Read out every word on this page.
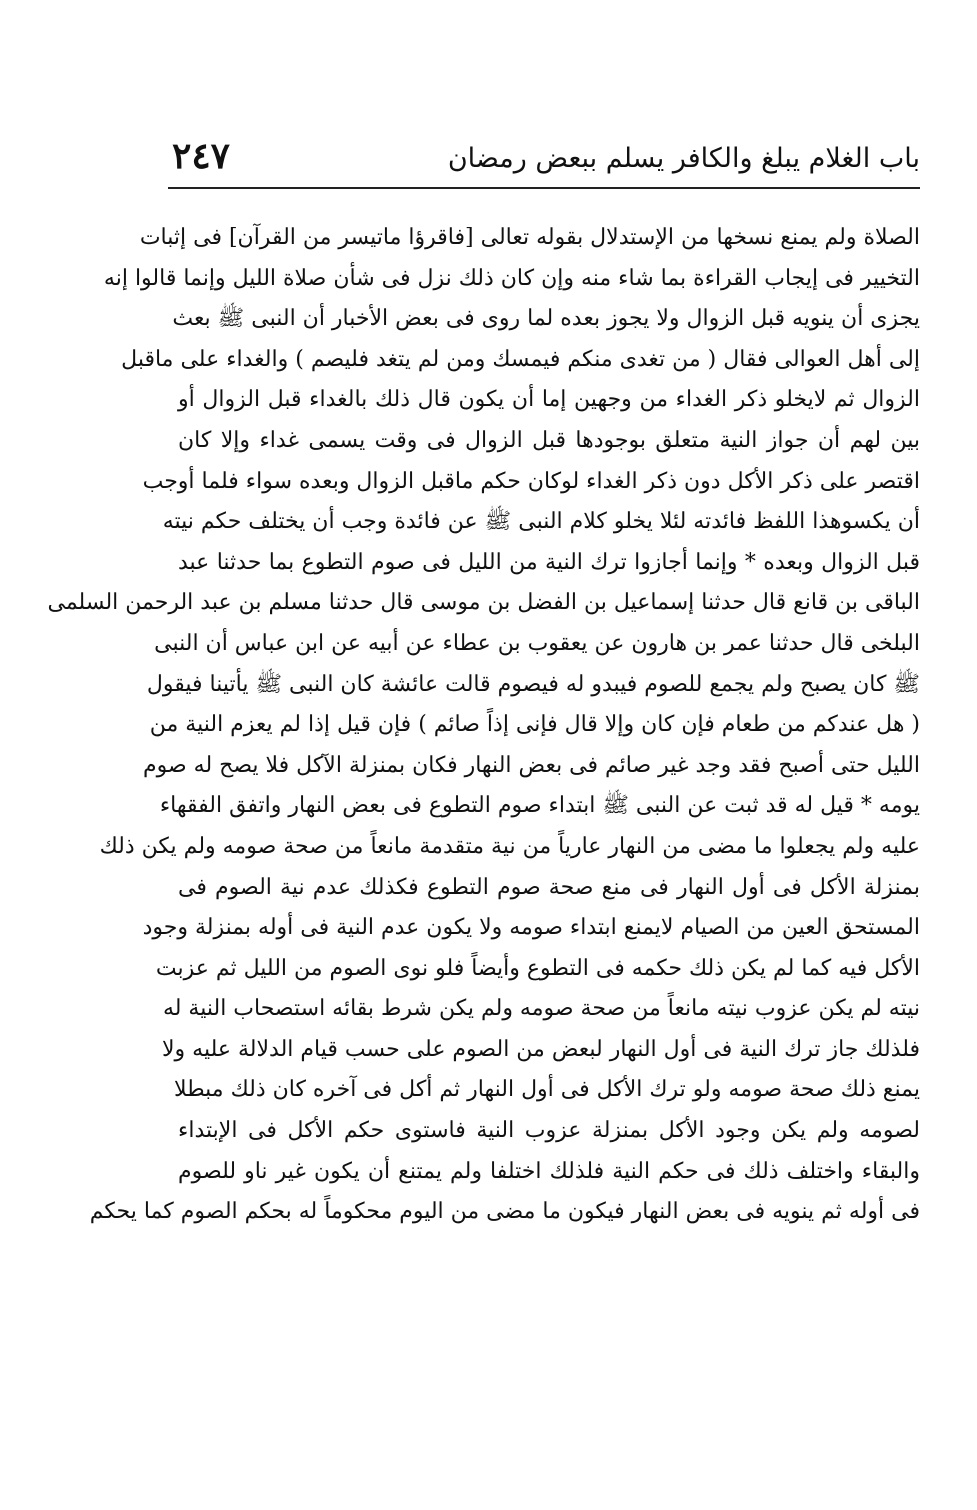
باب الغلام يبلغ والكافر يسلم ببعض رمضان
٢٤٧
الصلاة ولم يمنع نسخها من الإستدلال بقوله تعالى [فاقرؤا ماتيسر من القرآن] فى إثبات
التخيير فى إيجاب القراءة بما شاء منه وإن كان ذلك نزل فى شأن صلاة الليل وإنما قالوا إنه
يجزى أن ينويه قبل الزوال ولا يجوز بعده لما روى فى بعض الأخبار أن النبى ﷺ بعث
إلى أهل العوالى فقال ( من تغدى منكم فيمسك ومن لم يتغد فليصم ) والغداء على ماقبل
الزوال ثم لايخلو ذكر الغداء من وجهين إما أن يكون قال ذلك بالغداء قبل الزوال أو
بين لهم أن جواز النية متعلق بوجودها قبل الزوال فى وقت يسمى غداء وإلا كان
اقتصر على ذكر الأكل دون ذكر الغداء لوكان حكم ماقبل الزوال وبعده سواء فلما أوجب
أن يكسوهذا اللفظ فائدته لئلا يخلو كلام النبى ﷺ عن فائدة وجب أن يختلف حكم نيته
قبل الزوال وبعده * وإنما أجازوا ترك النية من الليل فى صوم التطوع بما حدثنا عبد
الباقى بن قانع قال حدثنا إسماعيل بن الفضل بن موسى قال حدثنا مسلم بن عبد الرحمن السلمى
البلخى قال حدثنا عمر بن هارون عن يعقوب بن عطاء عن أبيه عن ابن عباس أن النبى
ﷺ كان يصبح ولم يجمع للصوم فيبدو له فيصوم قالت عائشة كان النبى ﷺ يأتينا فيقول
( هل عندكم من طعام فإن كان وإلا قال فإنى إذاً صائم ) فإن قيل إذا لم يعزم النية من
الليل حتى أصبح فقد وجد غير صائم فى بعض النهار فكان بمنزلة الآكل فلا يصح له صوم
يومه * قيل له قد ثبت عن النبى ﷺ ابتداء صوم التطوع فى بعض النهار واتفق الفقهاء
عليه ولم يجعلوا ما مضى من النهار عارياً من نية متقدمة مانعاً من صحة صومه ولم يكن ذلك
بمنزلة الأكل فى أول النهار فى منع صحة صوم التطوع فكذلك عدم نية الصوم فى
المستحق العين من الصيام لايمنع ابتداء صومه ولا يكون عدم النية فى أوله بمنزلة وجود
الأكل فيه كما لم يكن ذلك حكمه فى التطوع وأيضاً فلو نوى الصوم من الليل ثم عزبت
نيته لم يكن عزوب نيته مانعاً من صحة صومه ولم يكن شرط بقائه استصحاب النية له
فلذلك جاز ترك النية فى أول النهار لبعض من الصوم على حسب قيام الدلالة عليه ولا
يمنع ذلك صحة صومه ولو ترك الأكل فى أول النهار ثم أكل فى آخره كان ذلك مبطلا
لصومه ولم يكن وجود الأكل بمنزلة عزوب النية فاستوى حكم الأكل فى الإبتداء
والبقاء واختلف ذلك فى حكم النية فلذلك اختلفا ولم يمتنع أن يكون غير ناو للصوم
فى أوله ثم ينويه فى بعض النهار فيكون ما مضى من اليوم محكوماً له بحكم الصوم كما يحكم
